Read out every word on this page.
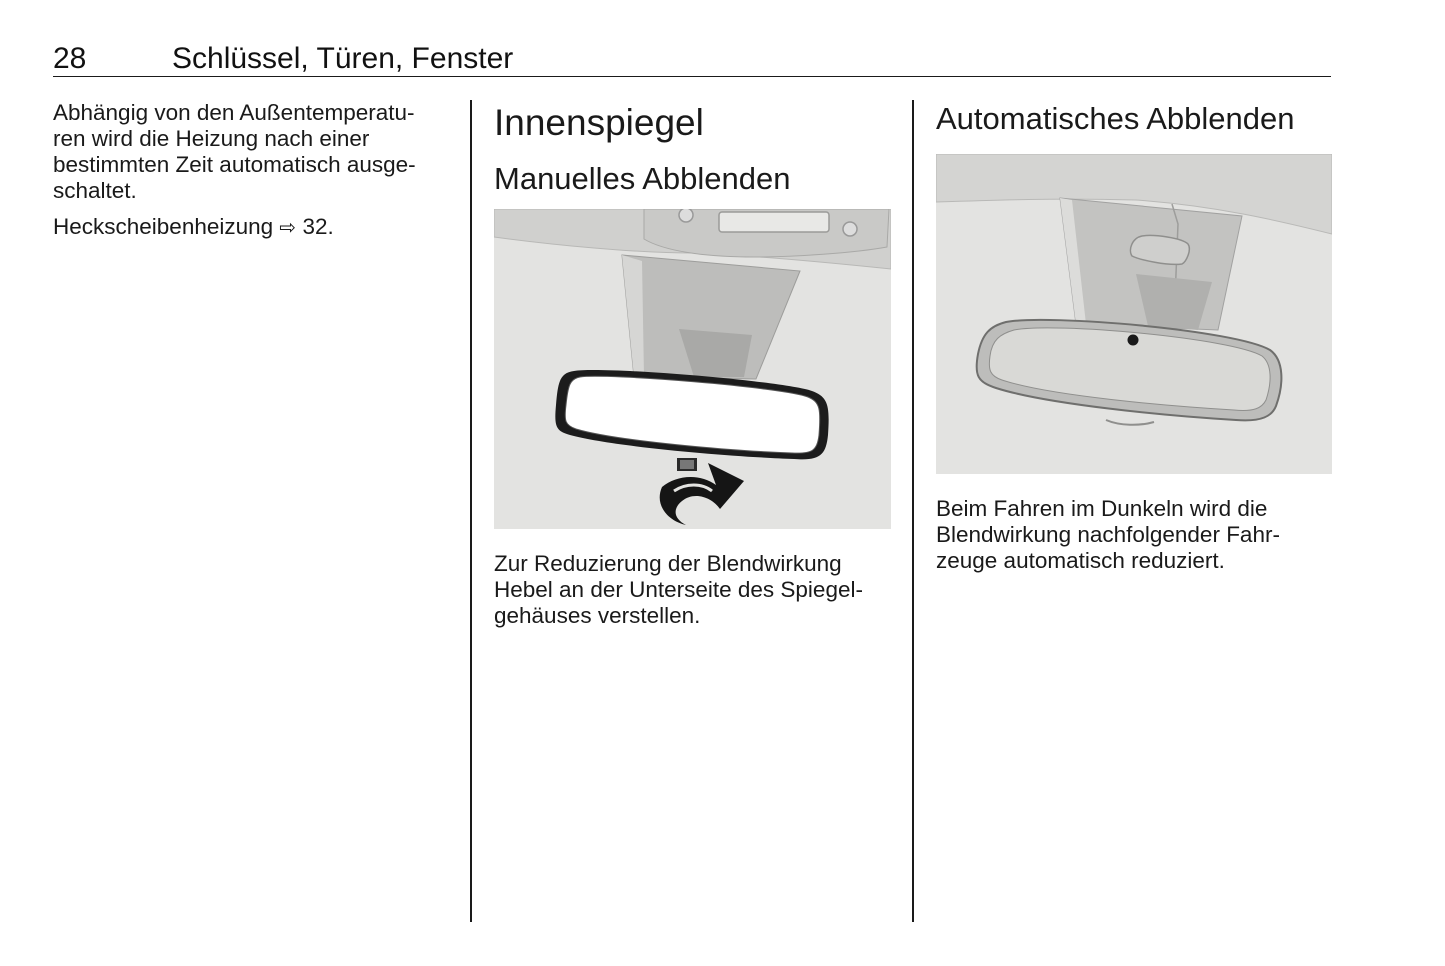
28	Schlüssel, Türen, Fenster

Abhängig von den Außentemperatu-
ren wird die Heizung nach einer
bestimmten Zeit automatisch ausge-
schaltet.

Heckscheibenheizung ⇨ 32.

Innenspiegel
Manuelles Abblenden

Zur Reduzierung der Blendwirkung
Hebel an der Unterseite des Spiegel-
gehäuses verstellen.

Automatisches Abblenden

Beim Fahren im Dunkeln wird die
Blendwirkung nachfolgender Fahr-
zeuge automatisch reduziert.
